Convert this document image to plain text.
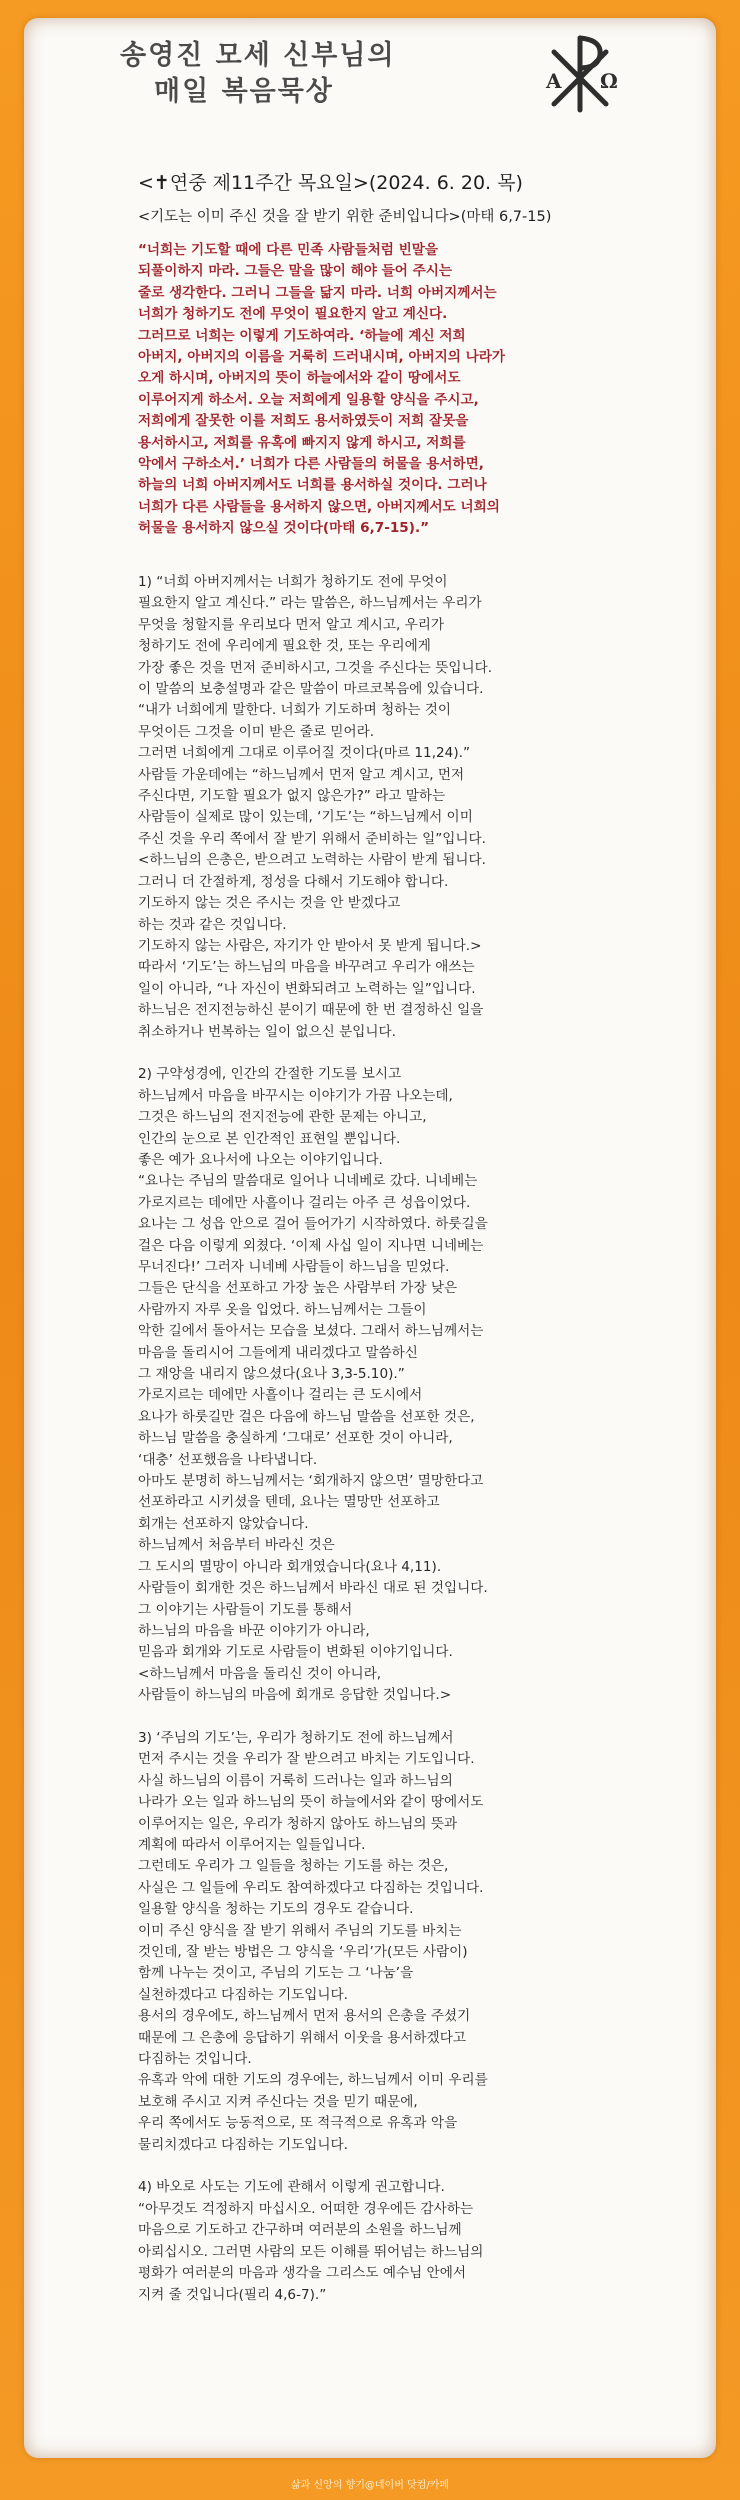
송영진 모세 신부님의
매일 복음묵상	A Ω
<✝연중 제11주간 목요일>(2024. 6. 20. 목)
<기도는 이미 주신 것을 잘 받기 위한 준비입니다>(마태 6,7-15)
“너희는 기도할 때에 다른 민족 사람들처럼 빈말을
되풀이하지 마라. 그들은 말을 많이 해야 들어 주시는
줄로 생각한다. 그러니 그들을 닮지 마라. 너희 아버지께서는
너희가 청하기도 전에 무엇이 필요한지 알고 계신다.
그러므로 너희는 이렇게 기도하여라. ‘하늘에 계신 저희
아버지, 아버지의 이름을 거룩히 드러내시며, 아버지의 나라가
오게 하시며, 아버지의 뜻이 하늘에서와 같이 땅에서도
이루어지게 하소서. 오늘 저희에게 일용할 양식을 주시고,
저희에게 잘못한 이를 저희도 용서하였듯이 저희 잘못을
용서하시고, 저희를 유혹에 빠지지 않게 하시고, 저희를
악에서 구하소서.’ 너희가 다른 사람들의 허물을 용서하면,
하늘의 너희 아버지께서도 너희를 용서하실 것이다. 그러나
너희가 다른 사람들을 용서하지 않으면, 아버지께서도 너희의
허물을 용서하지 않으실 것이다(마태 6,7-15).”
1) “너희 아버지께서는 너희가 청하기도 전에 무엇이
필요한지 알고 계신다.” 라는 말씀은, 하느님께서는 우리가
무엇을 청할지를 우리보다 먼저 알고 계시고, 우리가
청하기도 전에 우리에게 필요한 것, 또는 우리에게
가장 좋은 것을 먼저 준비하시고, 그것을 주신다는 뜻입니다.
이 말씀의 보충설명과 같은 말씀이 마르코복음에 있습니다.
“내가 너희에게 말한다. 너희가 기도하며 청하는 것이
무엇이든 그것을 이미 받은 줄로 믿어라.
그러면 너희에게 그대로 이루어질 것이다(마르 11,24).”
사람들 가운데에는 “하느님께서 먼저 알고 계시고, 먼저
주신다면, 기도할 필요가 없지 않은가?” 라고 말하는
사람들이 실제로 많이 있는데, ‘기도’는 “하느님께서 이미
주신 것을 우리 쪽에서 잘 받기 위해서 준비하는 일”입니다.
<하느님의 은총은, 받으려고 노력하는 사람이 받게 됩니다.
그러니 더 간절하게, 정성을 다해서 기도해야 합니다.
기도하지 않는 것은 주시는 것을 안 받겠다고
하는 것과 같은 것입니다.
기도하지 않는 사람은, 자기가 안 받아서 못 받게 됩니다.>
따라서 ‘기도’는 하느님의 마음을 바꾸려고 우리가 애쓰는
일이 아니라, “나 자신이 변화되려고 노력하는 일”입니다.
하느님은 전지전능하신 분이기 때문에 한 번 결정하신 일을
취소하거나 번복하는 일이 없으신 분입니다.

2) 구약성경에, 인간의 간절한 기도를 보시고
하느님께서 마음을 바꾸시는 이야기가 가끔 나오는데,
그것은 하느님의 전지전능에 관한 문제는 아니고,
인간의 눈으로 본 인간적인 표현일 뿐입니다.
좋은 예가 요나서에 나오는 이야기입니다.
“요나는 주님의 말씀대로 일어나 니네베로 갔다. 니네베는
가로지르는 데에만 사흘이나 걸리는 아주 큰 성읍이었다.
요나는 그 성읍 안으로 걸어 들어가기 시작하였다. 하룻길을
걸은 다음 이렇게 외쳤다. ‘이제 사십 일이 지나면 니네베는
무너진다!’ 그러자 니네베 사람들이 하느님을 믿었다.
그들은 단식을 선포하고 가장 높은 사람부터 가장 낮은
사람까지 자루 옷을 입었다. 하느님께서는 그들이
악한 길에서 돌아서는 모습을 보셨다. 그래서 하느님께서는
마음을 돌리시어 그들에게 내리겠다고 말씀하신
그 재앙을 내리지 않으셨다(요나 3,3-5.10).”
가로지르는 데에만 사흘이나 걸리는 큰 도시에서
요나가 하룻길만 걸은 다음에 하느님 말씀을 선포한 것은,
하느님 말씀을 충실하게 ‘그대로’ 선포한 것이 아니라,
‘대충’ 선포했음을 나타냅니다.
아마도 분명히 하느님께서는 ‘회개하지 않으면’ 멸망한다고
선포하라고 시키셨을 텐데, 요나는 멸망만 선포하고
회개는 선포하지 않았습니다.
하느님께서 처음부터 바라신 것은
그 도시의 멸망이 아니라 회개였습니다(요나 4,11).
사람들이 회개한 것은 하느님께서 바라신 대로 된 것입니다.
그 이야기는 사람들이 기도를 통해서
하느님의 마음을 바꾼 이야기가 아니라,
믿음과 회개와 기도로 사람들이 변화된 이야기입니다.
<하느님께서 마음을 돌리신 것이 아니라,
사람들이 하느님의 마음에 회개로 응답한 것입니다.>

3) ‘주님의 기도’는, 우리가 청하기도 전에 하느님께서
먼저 주시는 것을 우리가 잘 받으려고 바치는 기도입니다.
사실 하느님의 이름이 거룩히 드러나는 일과 하느님의
나라가 오는 일과 하느님의 뜻이 하늘에서와 같이 땅에서도
이루어지는 일은, 우리가 청하지 않아도 하느님의 뜻과
계획에 따라서 이루어지는 일들입니다.
그런데도 우리가 그 일들을 청하는 기도를 하는 것은,
사실은 그 일들에 우리도 참여하겠다고 다짐하는 것입니다.
일용할 양식을 청하는 기도의 경우도 같습니다.
이미 주신 양식을 잘 받기 위해서 주님의 기도를 바치는
것인데, 잘 받는 방법은 그 양식을 ‘우리’가(모든 사람이)
함께 나누는 것이고, 주님의 기도는 그 ‘나눔’을
실천하겠다고 다짐하는 기도입니다.
용서의 경우에도, 하느님께서 먼저 용서의 은총을 주셨기
때문에 그 은총에 응답하기 위해서 이웃을 용서하겠다고
다짐하는 것입니다.
유혹과 악에 대한 기도의 경우에는, 하느님께서 이미 우리를
보호해 주시고 지켜 주신다는 것을 믿기 때문에,
우리 쪽에서도 능동적으로, 또 적극적으로 유혹과 악을
물리치겠다고 다짐하는 기도입니다.

4) 바오로 사도는 기도에 관해서 이렇게 권고합니다.
“아무것도 걱정하지 마십시오. 어떠한 경우에든 감사하는
마음으로 기도하고 간구하며 여러분의 소원을 하느님께
아뢰십시오. 그러면 사람의 모든 이해를 뛰어넘는 하느님의
평화가 여러분의 마음과 생각을 그리스도 예수님 안에서
지켜 줄 것입니다(필리 4,6-7).”
삶과 신앙의 향기@네이버 닷컴/카페
